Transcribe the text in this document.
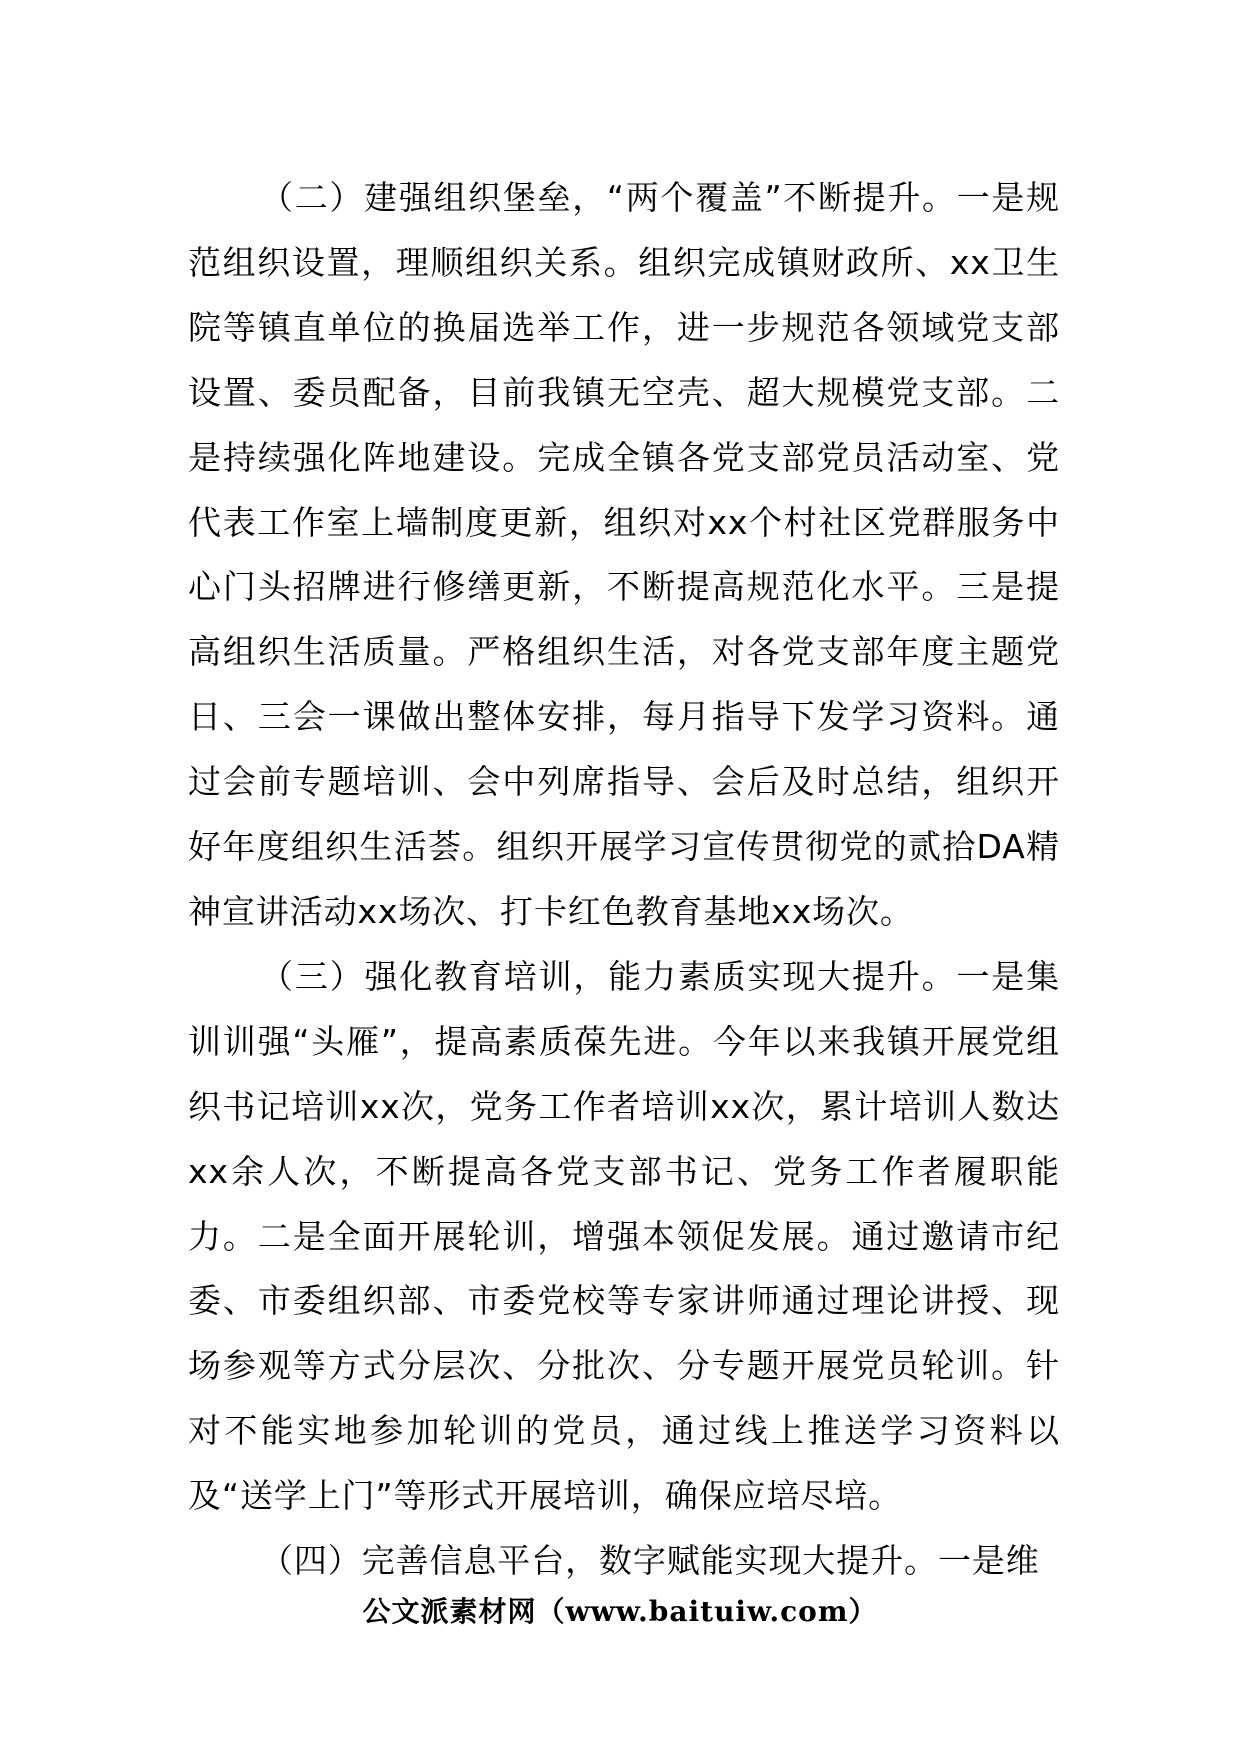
（二）建强组织堡垒，“两个覆盖”不断提升。一是规范组织设置，理顺组织关系。组织完成镇财政所、xx卫生院等镇直单位的换届选举工作，进一步规范各领域党支部设置、委员配备，目前我镇无空壳、超大规模党支部。二是持续强化阵地建设。完成全镇各党支部党员活动室、党代表工作室上墙制度更新，组织对xx个村社区党群服务中心门头招牌进行修缮更新，不断提高规范化水平。三是提高组织生活质量。严格组织生活，对各党支部年度主题党日、三会一课做出整体安排，每月指导下发学习资料。通过会前专题培训、会中列席指导、会后及时总结，组织开好年度组织生活荟。组织开展学习宣传贯彻党的贰拾DA精神宣讲活动xx场次、打卡红色教育基地xx场次。

（三）强化教育培训，能力素质实现大提升。一是集训训强“头雁”，提高素质葆先进。今年以来我镇开展党组织书记培训xx次，党务工作者培训xx次，累计培训人数达xx余人次，不断提高各党支部书记、党务工作者履职能力。二是全面开展轮训，增强本领促发展。通过邀请市纪委、市委组织部、市委党校等专家讲师通过理论讲授、现场参观等方式分层次、分批次、分专题开展党员轮训。针对不能实地参加轮训的党员，通过线上推送学习资料以及“送学上门”等形式开展培训，确保应培尽培。

（四）完善信息平台，数字赋能实现大提升。一是维

公文派素材网（www.baituiw.com）
